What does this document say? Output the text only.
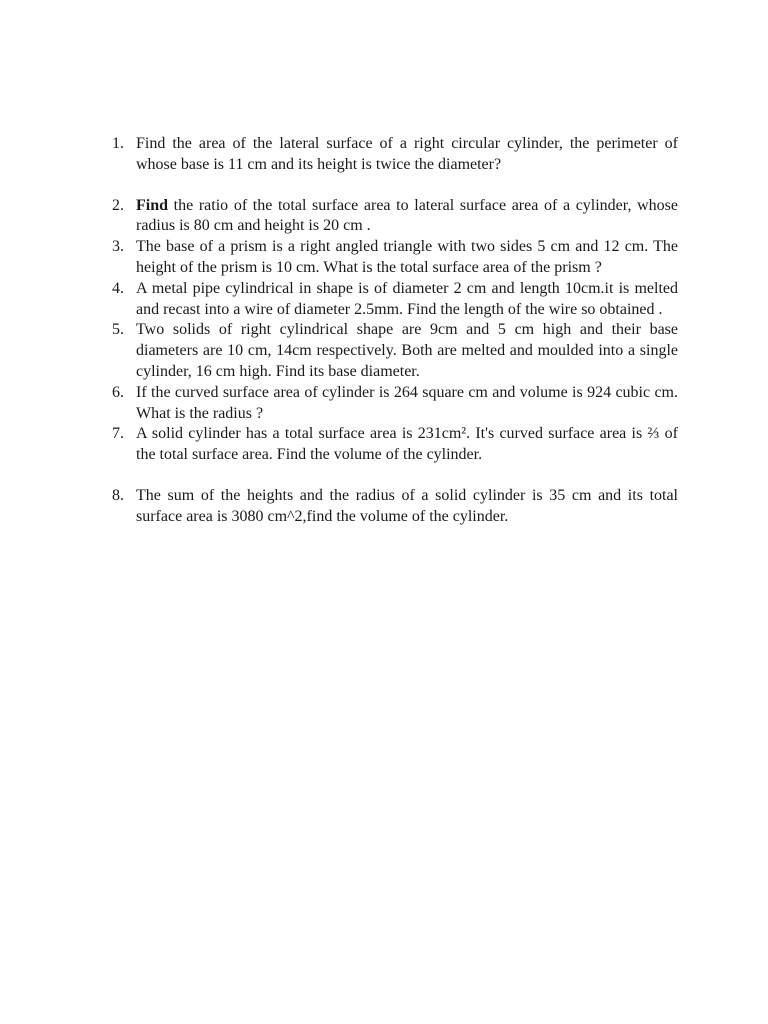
1. Find the area of the lateral surface of a right circular cylinder, the perimeter of whose base is 11 cm and its height is twice the diameter?
2. Find the ratio of the total surface area to lateral surface area of a cylinder, whose radius is 80 cm and height is 20 cm .
3. The base of a prism is a right angled triangle with two sides 5 cm and 12 cm. The height of the prism is 10 cm. What is the total surface area of the prism ?
4. A metal pipe cylindrical in shape is of diameter 2 cm and length 10cm.it is melted and recast into a wire of diameter 2.5mm. Find the length of the wire so obtained .
5. Two solids of right cylindrical shape are 9cm and 5 cm high and their base diameters are 10 cm, 14cm respectively. Both are melted and moulded into a single cylinder, 16 cm high. Find its base diameter.
6. If the curved surface area of cylinder is 264 square cm and volume is 924 cubic cm. What is the radius ?
7. A solid cylinder has a total surface area is 231cm². It's curved surface area is ⅔ of the total surface area. Find the volume of the cylinder.
8. The sum of the heights and the radius of a solid cylinder is 35 cm and its total surface area is 3080 cm^2,find the volume of the cylinder.
